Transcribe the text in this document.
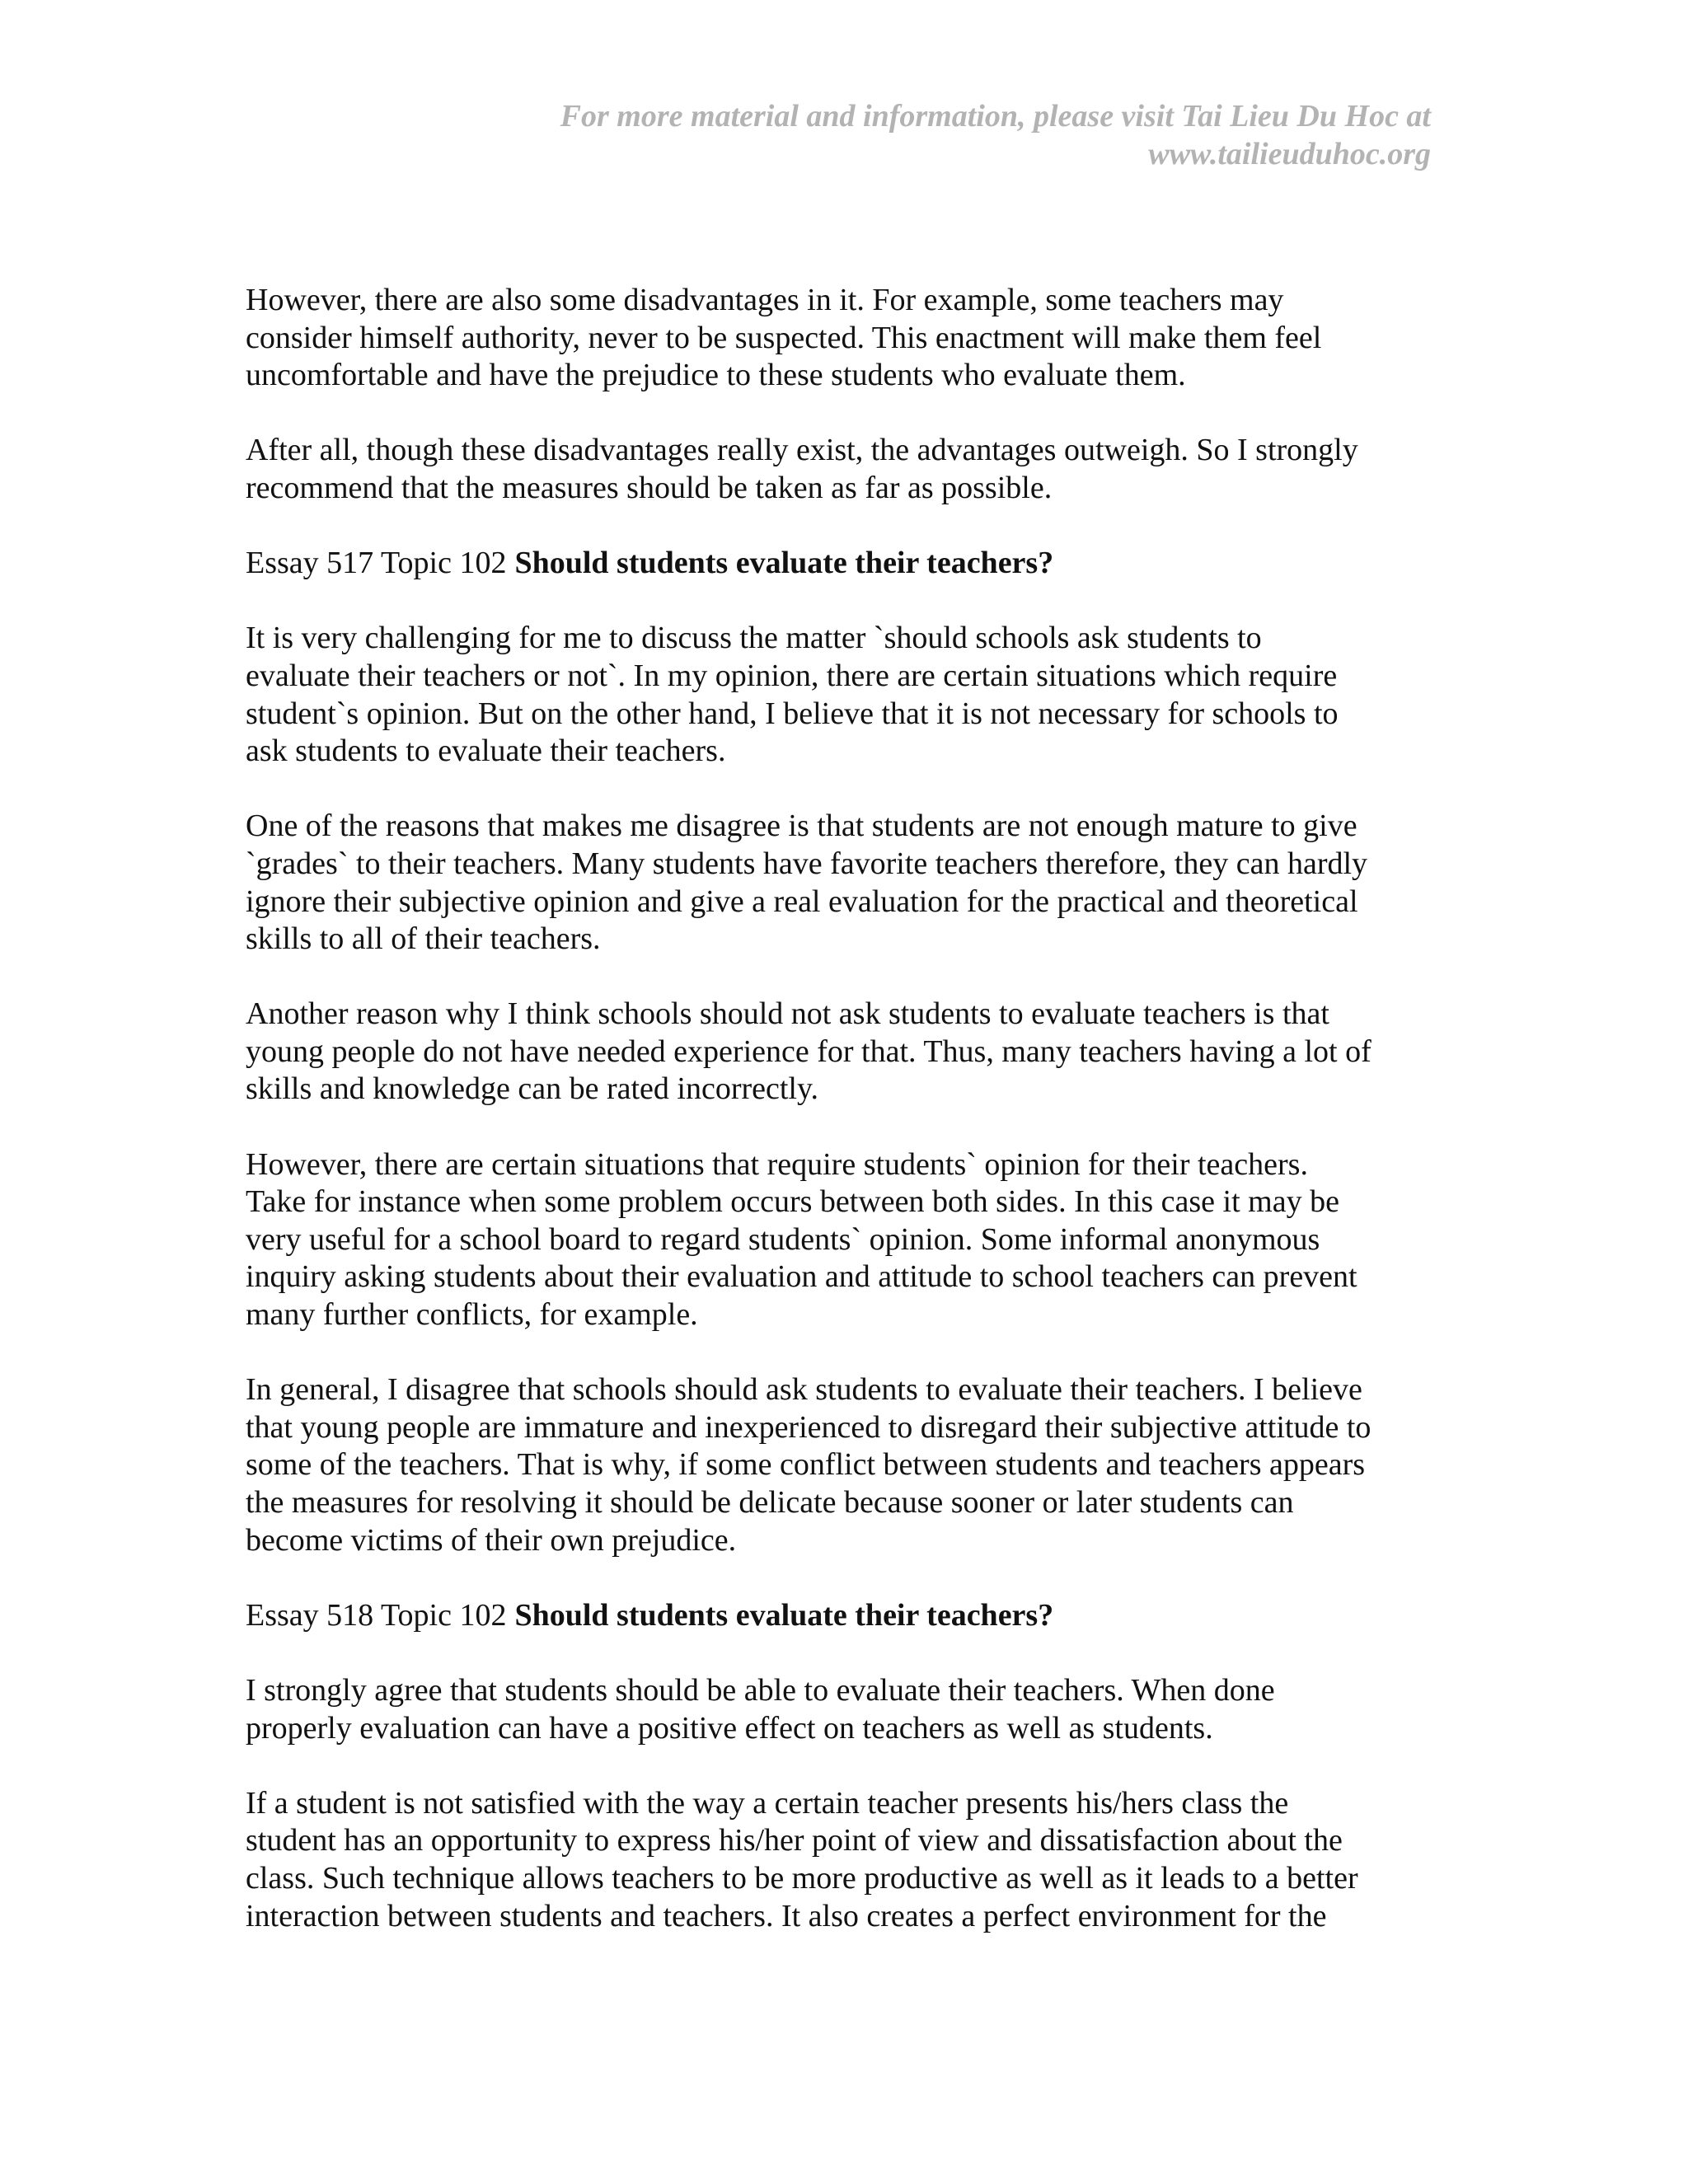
For more material and information, please visit Tai Lieu Du Hoc at
www.tailieuduhoc.org
However, there are also some disadvantages in it. For example, some teachers may
consider himself authority, never to be suspected. This enactment will make them feel
uncomfortable and have the prejudice to these students who evaluate them.
After all, though these disadvantages really exist, the advantages outweigh. So I strongly
recommend that the measures should be taken as far as possible.
Essay 517 Topic 102 Should students evaluate their teachers?
It is very challenging for me to discuss the matter `should schools ask students to
evaluate their teachers or not`. In my opinion, there are certain situations which require
student`s opinion. But on the other hand, I believe that it is not necessary for schools to
ask students to evaluate their teachers.
One of the reasons that makes me disagree is that students are not enough mature to give
`grades` to their teachers. Many students have favorite teachers therefore, they can hardly
ignore their subjective opinion and give a real evaluation for the practical and theoretical
skills to all of their teachers.
Another reason why I think schools should not ask students to evaluate teachers is that
young people do not have needed experience for that. Thus, many teachers having a lot of
skills and knowledge can be rated incorrectly.
However, there are certain situations that require students` opinion for their teachers.
Take for instance when some problem occurs between both sides. In this case it may be
very useful for a school board to regard students` opinion. Some informal anonymous
inquiry asking students about their evaluation and attitude to school teachers can prevent
many further conflicts, for example.
In general, I disagree that schools should ask students to evaluate their teachers. I believe
that young people are immature and inexperienced to disregard their subjective attitude to
some of the teachers. That is why, if some conflict between students and teachers appears
the measures for resolving it should be delicate because sooner or later students can
become victims of their own prejudice.
Essay 518 Topic 102 Should students evaluate their teachers?
I strongly agree that students should be able to evaluate their teachers. When done
properly evaluation can have a positive effect on teachers as well as students.
If a student is not satisfied with the way a certain teacher presents his/hers class the
student has an opportunity to express his/her point of view and dissatisfaction about the
class. Such technique allows teachers to be more productive as well as it leads to a better
interaction between students and teachers. It also creates a perfect environment for the
